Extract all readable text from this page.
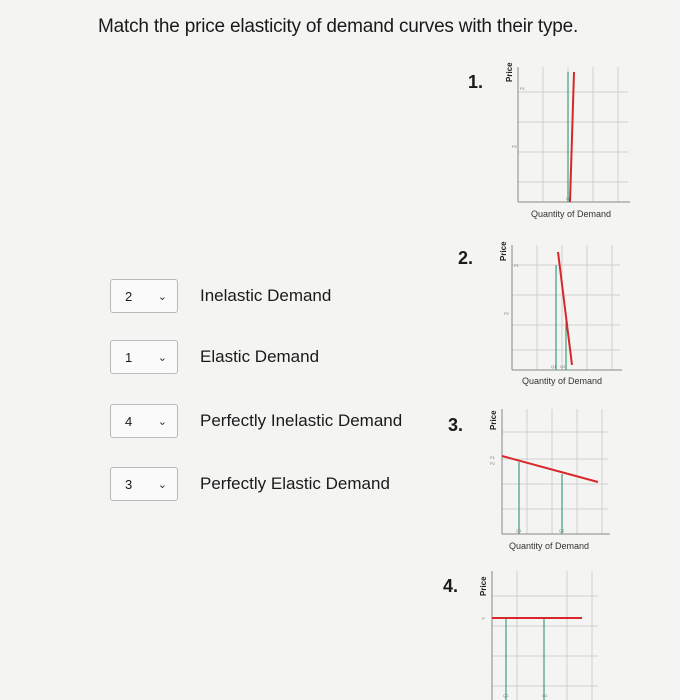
Match the price elasticity of demand curves with their type.
2 ⌄ Inelastic Demand
1 ⌄ Elastic Demand
4 ⌄ Perfectly Inelastic Demand
3 ⌄ Perfectly Elastic Demand
1.
2.
3.
4.
Price
P1
P2
Q
Quantity of Demand
Price
P1
P2
Q1 Q2
Quantity of Demand
Price
P1
P2
Q1	Q2
Quantity of Demand
Price
P
Q1	Q2
